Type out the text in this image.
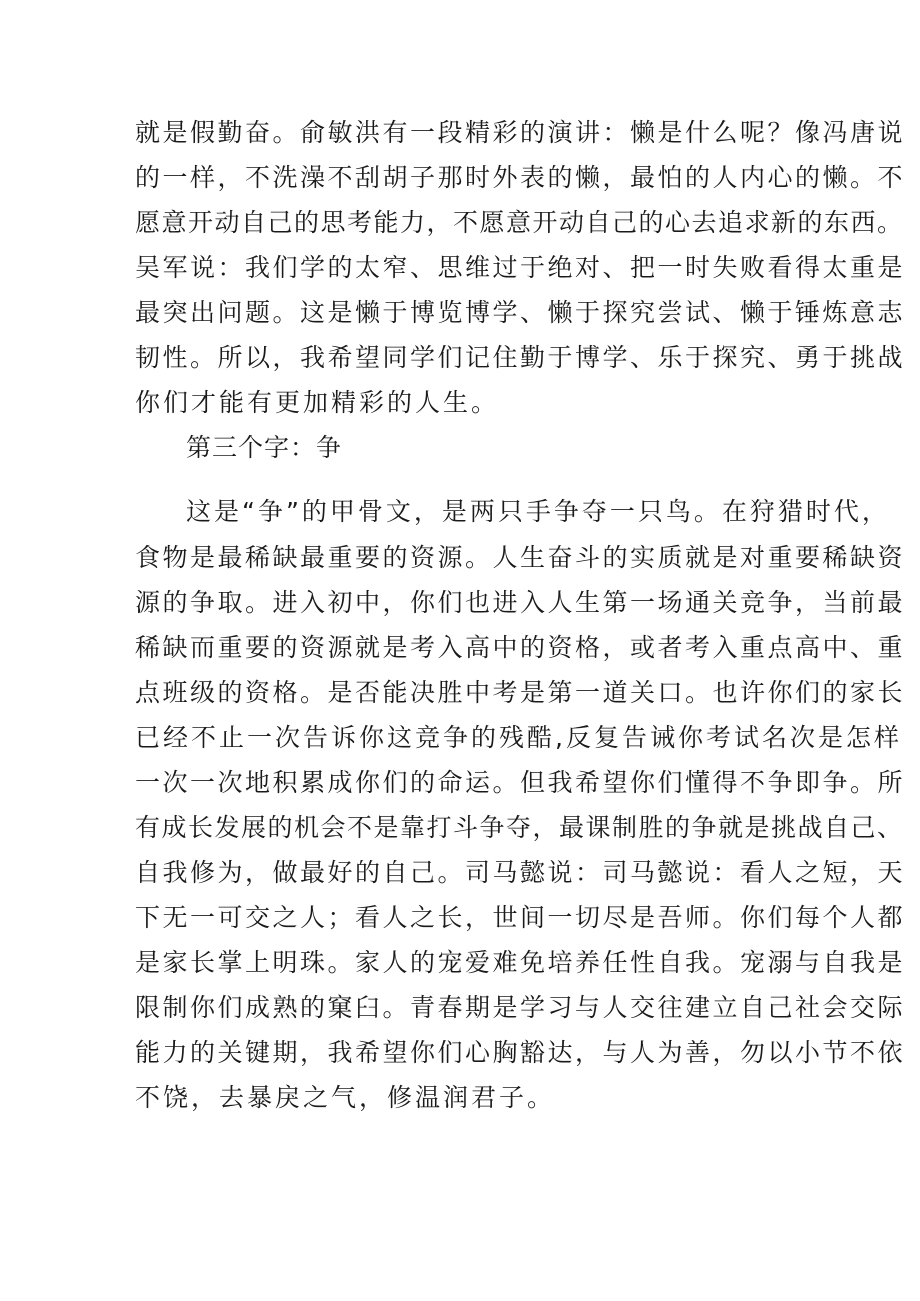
就是假勤奋。俞敏洪有一段精彩的演讲：懒是什么呢？像冯唐说
的一样，不洗澡不刮胡子那时外表的懒，最怕的人内心的懒。不
愿意开动自己的思考能力，不愿意开动自己的心去追求新的东西。
吴军说：我们学的太窄、思维过于绝对、把一时失败看得太重是
最突出问题。这是懒于博览博学、懒于探究尝试、懒于锤炼意志
韧性。所以，我希望同学们记住勤于博学、乐于探究、勇于挑战
你们才能有更加精彩的人生。
第三个字：争
这是“争”的甲骨文，是两只手争夺一只鸟。在狩猎时代，
食物是最稀缺最重要的资源。人生奋斗的实质就是对重要稀缺资
源的争取。进入初中，你们也进入人生第一场通关竞争，当前最
稀缺而重要的资源就是考入高中的资格，或者考入重点高中、重
点班级的资格。是否能决胜中考是第一道关口。也许你们的家长
已经不止一次告诉你这竞争的残酷,反复告诫你考试名次是怎样
一次一次地积累成你们的命运。但我希望你们懂得不争即争。所
有成长发展的机会不是靠打斗争夺，最课制胜的争就是挑战自己、
自我修为，做最好的自己。司马懿说：司马懿说：看人之短，天
下无一可交之人；看人之长，世间一切尽是吾师。你们每个人都
是家长掌上明珠。家人的宠爱难免培养任性自我。宠溺与自我是
限制你们成熟的窠臼。青春期是学习与人交往建立自己社会交际
能力的关键期，我希望你们心胸豁达，与人为善，勿以小节不依
不饶，去暴戾之气，修温润君子。
